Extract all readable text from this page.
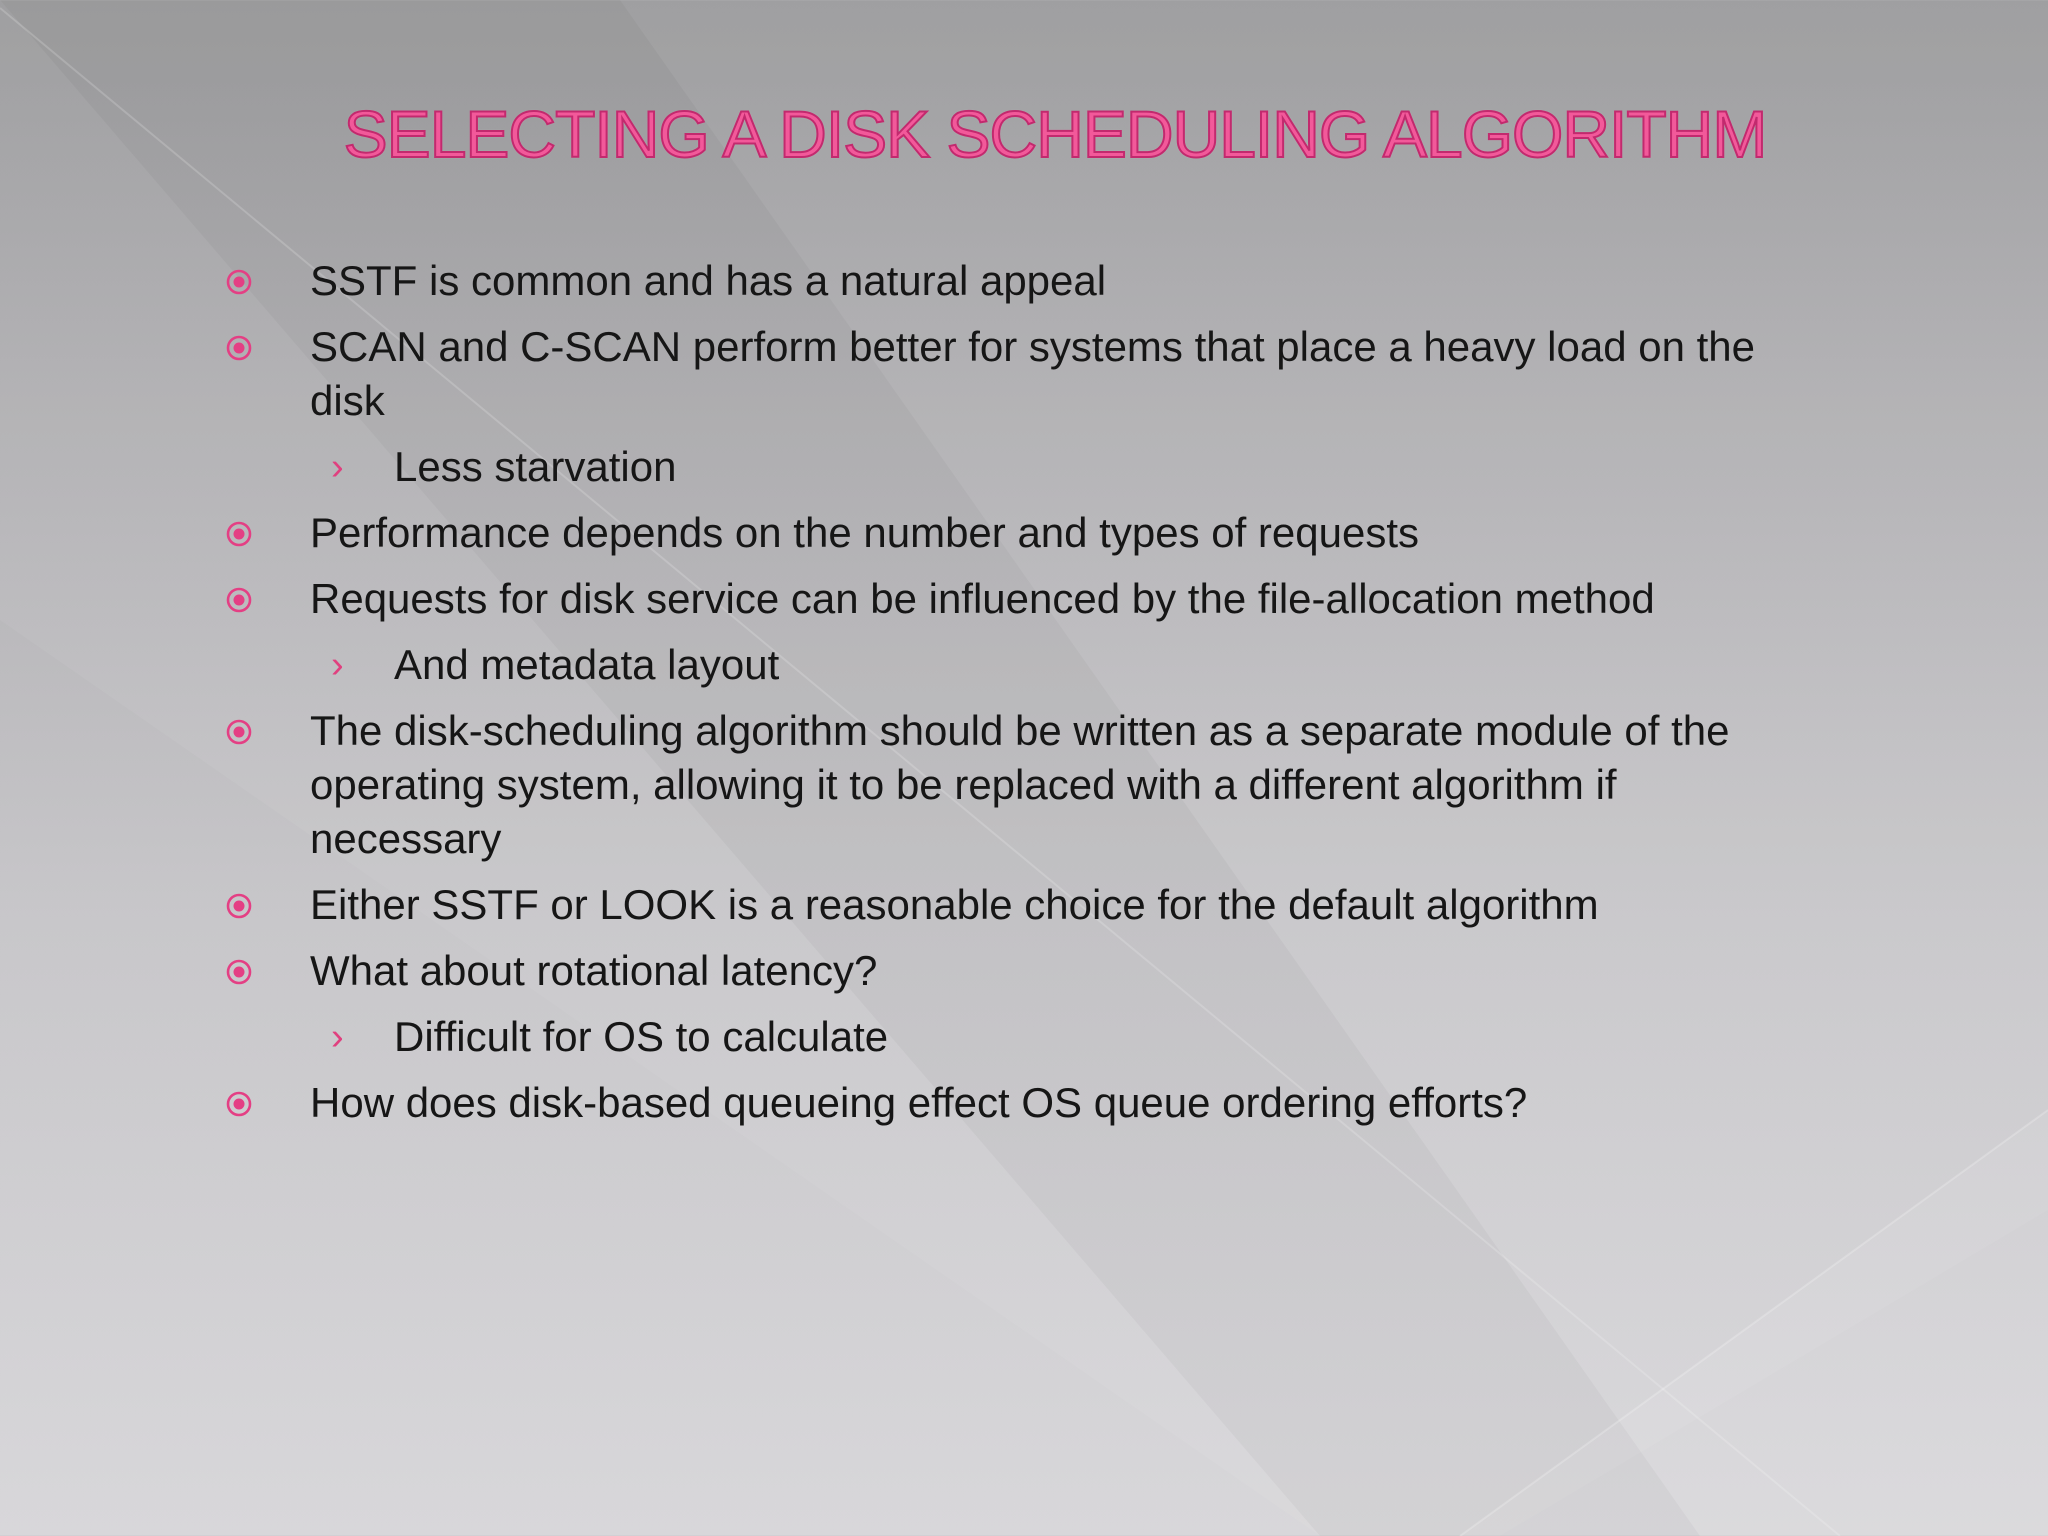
SELECTING A DISK SCHEDULING ALGORITHM
SSTF is common and has a natural appeal
SCAN and C-SCAN perform better for systems that place a heavy load on the disk
›	Less starvation
Performance depends on the number and types of requests
Requests for disk service can be influenced by the file-allocation method
›	And metadata layout
The disk-scheduling algorithm should be written as a separate module of the operating system, allowing it to be replaced with a different algorithm if necessary
Either SSTF or LOOK is a reasonable choice for the default algorithm
What about rotational latency?
›	Difficult for OS to calculate
How does disk-based queueing effect OS queue ordering efforts?
